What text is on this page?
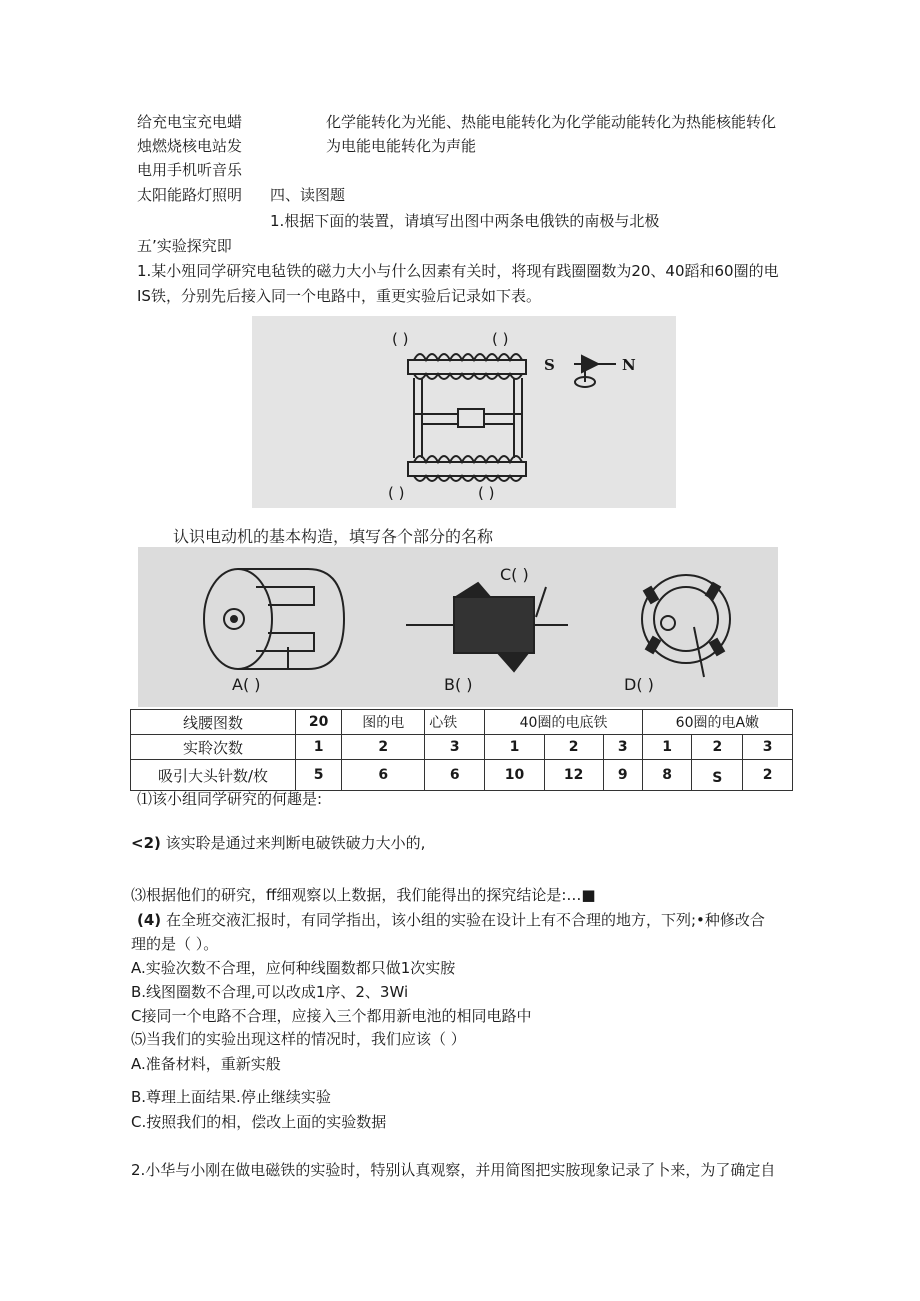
给充电宝充电蜡
烛燃烧核电站发
电用手机听音乐
太阳能路灯照明
化学能转化为光能、热能电能转化为化学能动能转化为热能核能转化
为电能电能转化为声能
四、读图题
1.根据下面的装置，请填写出图中两条电俄铁的南极与北极
五’实验探究即
1.某小殂同学研究电毡铁的磁力大小与什么因素有关时，将现有践圈圈数为20、40蹈和60圈的电
IS铁，分别先后接入同一个电路中，重更实验后记录如下表。
( )	( )
( )	( )
S	N
认识电动机的基本构造，填写各个部分的名称
A( )	B( )
C( )
D( )
线腰图数	20	图的电	心铁	40圈的电底铁			60圈的电A嫩		
实聆次数	1	2	3	1	2	3	1	2	3
吸引大头针数/枚	5	6	6	10	12	9	8	S	2
⑴该小组同学研究的何趣是:
<2) 该实聆是通过来判断电破铁破力大小的,
⑶根据他们的研究，ff细观察以上数据，我们能得出的探究结论是:…■
(4) 在全班交液汇报时，有同学指出，该小组的实验在设计上有不合理的地方，下列;•种修改合
理的是（ ）。
A.实验次数不合理，应何种线圈数都只做1次实胺
B.线图圈数不合理,可以改成1序、2、3Wi
C接同一个电路不合理，应接入三个都用新电池的相同电路中
⑸当我们的实验出现这样的情况时，我们应该（ ）
A.准备材料，重新实般
B.尊理上面结果.停止继续实验
C.按照我们的相，偿改上面的实验数据
2.小华与小刚在做电磁铁的实验时，特别认真观察，并用简图把实胺现象记录了卜来，为了确定自
